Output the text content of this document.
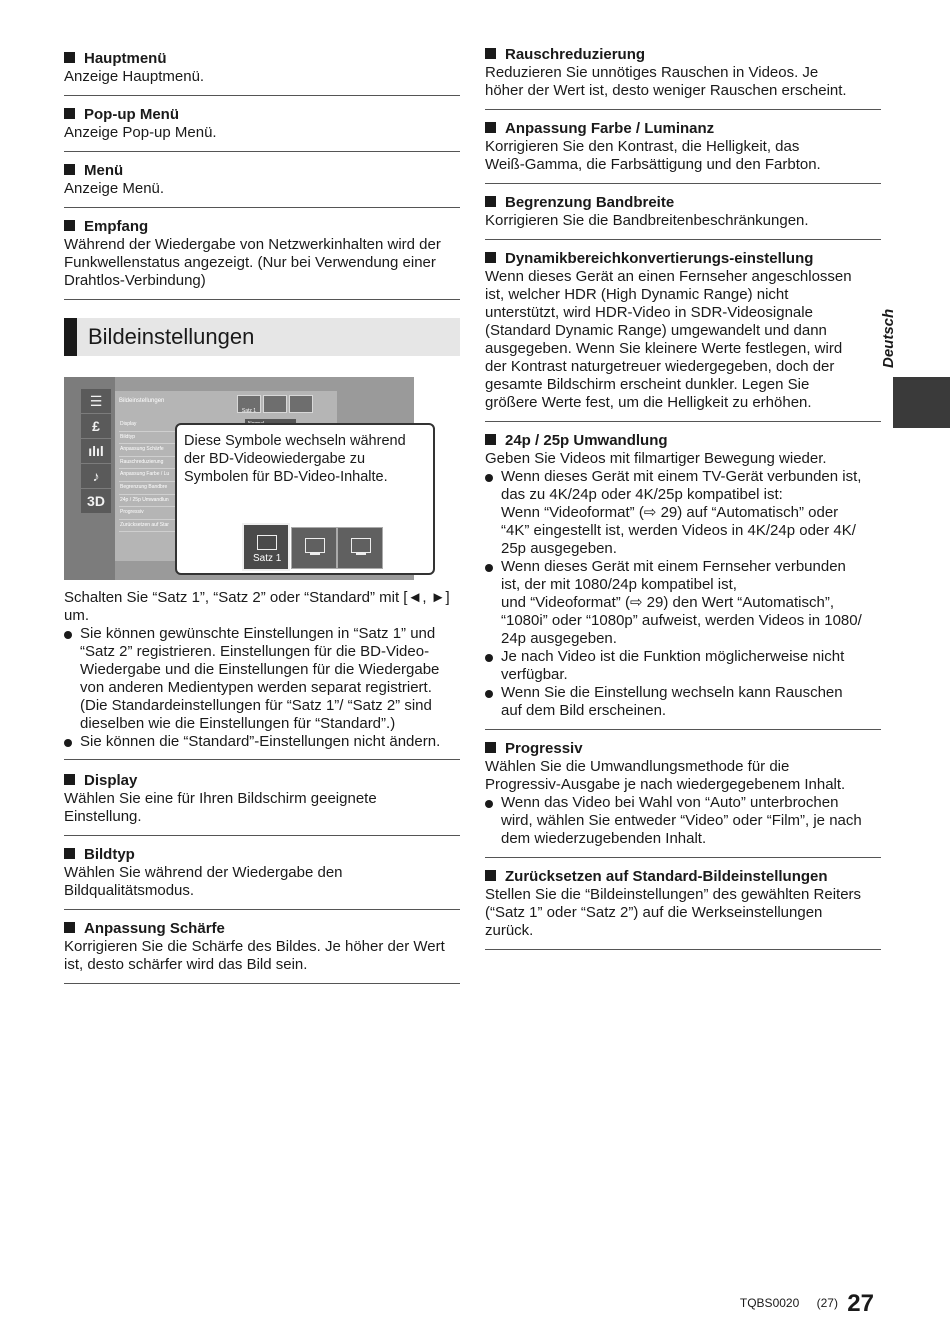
Hauptmenü
Anzeige Hauptmenü.
Pop-up Menü
Anzeige Pop-up Menü.
Menü
Anzeige Menü.
Empfang
Während der Wiedergabe von Netzwerkinhalten wird der
Funkwellenstatus angezeigt. (Nur bei Verwendung einer
Drahtlos-Verbindung)
Bildeinstellungen
Bildeinstellungen
Display
Bildtyp
Anpassung Schärfe
Rauschreduzierung
Anpassung Farbe / Lu
Begrenzung Bandbre
24p / 25p Umwandlun
Progressiv
Zurücksetzen auf Star
Satz 1
☰
£
ılıl
♪
3D
Diese Symbole wechseln während der BD-Videowiedergabe zu Symbolen für BD-Video-Inhalte.
Satz 1
Schalten Sie “Satz 1”, “Satz 2” oder “Standard” mit [◄, ►] um.
Sie können gewünschte Einstellungen in “Satz 1” und “Satz 2” registrieren. Einstellungen für die BD-Video-Wiedergabe und die Einstellungen für die Wiedergabe von anderen Medientypen werden separat registriert. (Die Standardeinstellungen für “Satz 1”/ “Satz 2” sind dieselben wie die Einstellungen für “Standard”.)
Sie können die “Standard”-Einstellungen nicht ändern.
Display
Wählen Sie eine für Ihren Bildschirm geeignete
Einstellung.
Bildtyp
Wählen Sie während der Wiedergabe den
Bildqualitätsmodus.
Anpassung Schärfe
Korrigieren Sie die Schärfe des Bildes. Je höher der Wert
ist, desto schärfer wird das Bild sein.
Rauschreduzierung
Reduzieren Sie unnötiges Rauschen in Videos. Je
höher der Wert ist, desto weniger Rauschen erscheint.
Anpassung Farbe / Luminanz
Korrigieren Sie den Kontrast, die Helligkeit, das
Weiß-Gamma, die Farbsättigung und den Farbton.
Begrenzung Bandbreite
Korrigieren Sie die Bandbreitenbeschränkungen.
Dynamikbereichkonvertierungs-einstellung
Wenn dieses Gerät an einen Fernseher angeschlossen
ist, welcher HDR (High Dynamic Range) nicht
unterstützt, wird HDR-Video in SDR-Videosignale
(Standard Dynamic Range) umgewandelt und dann
ausgegeben. Wenn Sie kleinere Werte festlegen, wird
der Kontrast naturgetreuer wiedergegeben, doch der
gesamte Bildschirm erscheint dunkler. Legen Sie
größere Werte fest, um die Helligkeit zu erhöhen.
24p / 25p Umwandlung
Geben Sie Videos mit filmartiger Bewegung wieder.
Wenn dieses Gerät mit einem TV-Gerät verbunden ist,
das zu 4K/24p oder 4K/25p kompatibel ist:
Wenn “Videoformat” (⇨ 29) auf “Automatisch” oder
“4K” eingestellt ist, werden Videos in 4K/24p oder 4K/
25p ausgegeben.
Wenn dieses Gerät mit einem Fernseher verbunden
ist, der mit 1080/24p kompatibel ist,
und “Videoformat” (⇨ 29) den Wert “Automatisch”,
“1080i” oder “1080p” aufweist, werden Videos in 1080/
24p ausgegeben.
Je nach Video ist die Funktion möglicherweise nicht
verfügbar.
Wenn Sie die Einstellung wechseln kann Rauschen
auf dem Bild erscheinen.
Progressiv
Wählen Sie die Umwandlungsmethode für die
Progressiv-Ausgabe je nach wiedergegebenem Inhalt.
Wenn das Video bei Wahl von “Auto” unterbrochen
wird, wählen Sie entweder “Video” oder “Film”, je nach
dem wiederzugebenden Inhalt.
Zurücksetzen auf Standard-Bildeinstellungen
Stellen Sie die “Bildeinstellungen” des gewählten Reiters
(“Satz 1” oder “Satz 2”) auf die Werkseinstellungen
zurück.
Deutsch
TQBS0020 (27) 27
